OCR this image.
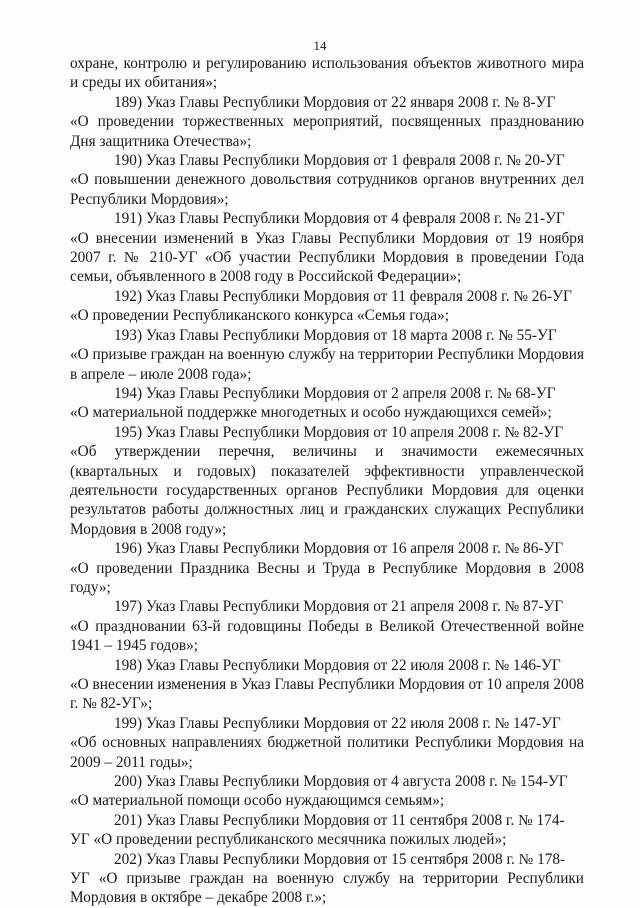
14

охране, контролю и регулированию использования объектов животного мира и среды их обитания»;

189) Указ Главы Республики Мордовия от 22 января 2008 г. № 8-УГ
«О проведении торжественных мероприятий, посвященных празднованию Дня защитника Отечества»;

190) Указ Главы Республики Мордовия от 1 февраля 2008 г. № 20-УГ
«О повышении денежного довольствия сотрудников органов внутренних дел Республики Мордовия»;

191) Указ Главы Республики Мордовия от 4 февраля 2008 г. № 21-УГ
«О внесении изменений в Указ Главы Республики Мордовия от 19 ноября 2007 г. № 210-УГ «Об участии Республики Мордовия в проведении Года семьи, объявленного в 2008 году в Российской Федерации»;

192) Указ Главы Республики Мордовия от 11 февраля 2008 г. № 26-УГ
«О проведении Республиканского конкурса «Семья года»;

193) Указ Главы Республики Мордовия от 18 марта 2008 г. № 55-УГ
«О призыве граждан на военную службу на территории Республики Мордовия в апреле – июле 2008 года»;

194) Указ Главы Республики Мордовия от 2 апреля 2008 г. № 68-УГ
«О материальной поддержке многодетных и особо нуждающихся семей»;

195) Указ Главы Республики Мордовия от 10 апреля 2008 г. № 82-УГ
«Об утверждении перечня, величины и значимости ежемесячных (квартальных и годовых) показателей эффективности управленческой деятельности государственных органов Республики Мордовия для оценки результатов работы должностных лиц и гражданских служащих Республики Мордовия в 2008 году»;

196) Указ Главы Республики Мордовия от 16 апреля 2008 г. № 86-УГ
«О проведении Праздника Весны и Труда в Республике Мордовия в 2008 году»;

197) Указ Главы Республики Мордовия от 21 апреля 2008 г. № 87-УГ
«О праздновании 63-й годовщины Победы в Великой Отечественной войне 1941 – 1945 годов»;

198) Указ Главы Республики Мордовия от 22 июля 2008 г. № 146-УГ
«О внесении изменения в Указ Главы Республики Мордовия от 10 апреля 2008 г. № 82-УГ»;

199) Указ Главы Республики Мордовия от 22 июля 2008 г. № 147-УГ
«Об основных направлениях бюджетной политики Республики Мордовия на 2009 – 2011 годы»;

200) Указ Главы Республики Мордовия от 4 августа 2008 г. № 154-УГ
«О материальной помощи особо нуждающимся семьям»;

201) Указ Главы Республики Мордовия от 11 сентября 2008 г. № 174-
УГ «О проведении республиканского месячника пожилых людей»;

202) Указ Главы Республики Мордовия от 15 сентября 2008 г. № 178-
УГ «О призыве граждан на военную службу на территории Республики Мордовия в октябре – декабре 2008 г.»;
